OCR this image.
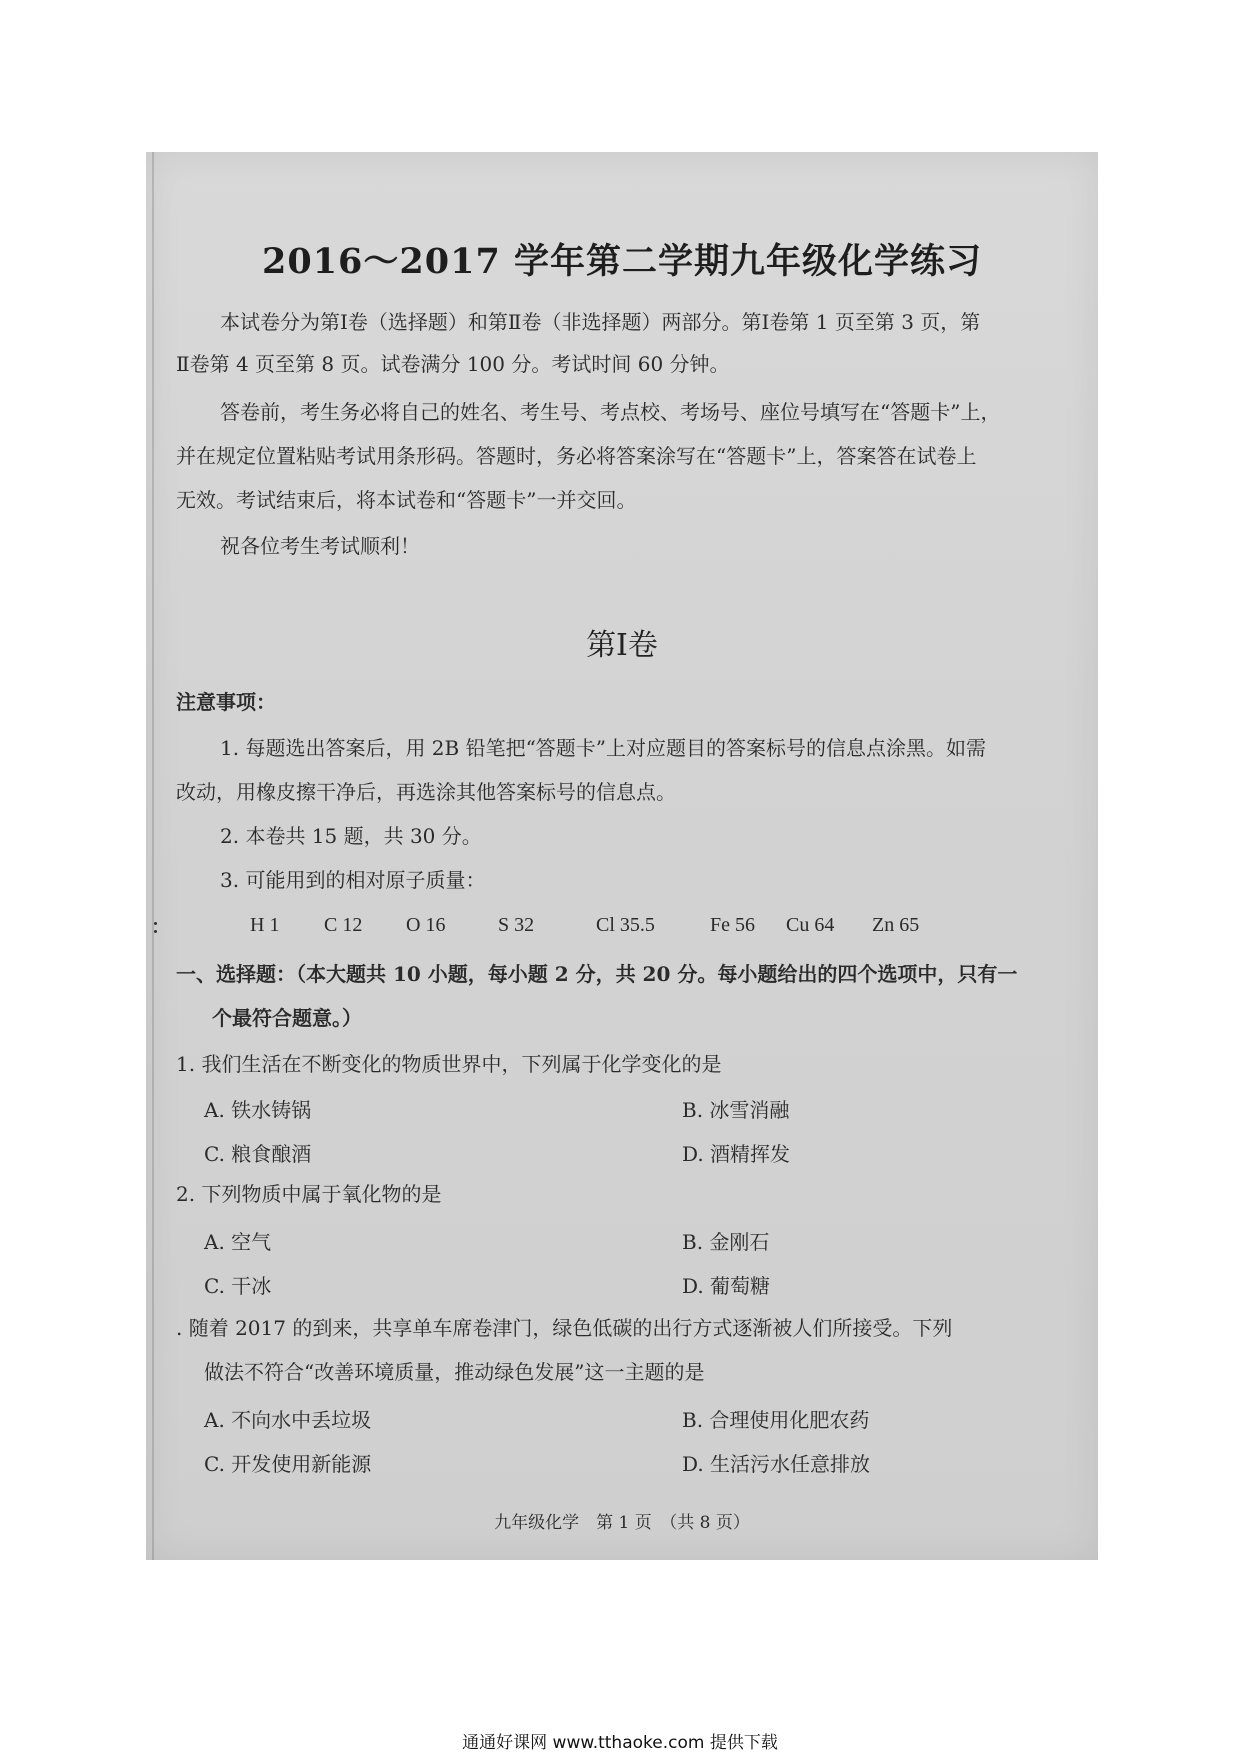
2016～2017 学年第二学期九年级化学练习
本试卷分为第Ⅰ卷（选择题）和第Ⅱ卷（非选择题）两部分。第Ⅰ卷第 1 页至第 3 页，第
Ⅱ卷第 4 页至第 8 页。试卷满分 100 分。考试时间 60 分钟。
答卷前，考生务必将自己的姓名、考生号、考点校、考场号、座位号填写在“答题卡”上，
并在规定位置粘贴考试用条形码。答题时，务必将答案涂写在“答题卡”上，答案答在试卷上
无效。考试结束后，将本试卷和“答题卡”一并交回。
祝各位考生考试顺利！
第Ⅰ卷
注意事项：
1. 每题选出答案后，用 2B 铅笔把“答题卡”上对应题目的答案标号的信息点涂黑。如需
改动，用橡皮擦干净后，再选涂其他答案标号的信息点。
2. 本卷共 15 题，共 30 分。
3. 可能用到的相对原子质量：
H 1 C 12 O 16	S 32	Cl 35.5	Fe 56 Cu 64 Zn 65
一、选择题：（本大题共 10 小题，每小题 2 分，共 20 分。每小题给出的四个选项中，只有一
个最符合题意。）
1. 我们生活在不断变化的物质世界中，下列属于化学变化的是
A. 铁水铸锅	B. 冰雪消融
C. 粮食酿酒	D. 酒精挥发
2. 下列物质中属于氧化物的是
A. 空气	B. 金刚石
C. 干冰	D. 葡萄糖
. 随着 2017 的到来，共享单车席卷津门，绿色低碳的出行方式逐渐被人们所接受。下列
做法不符合“改善环境质量，推动绿色发展”这一主题的是
A. 不向水中丢垃圾	B. 合理使用化肥农药
C. 开发使用新能源	D. 生活污水任意排放
九年级化学　第 1 页　（共 8 页）
通通好课网 www.tthaoke.com 提供下载
